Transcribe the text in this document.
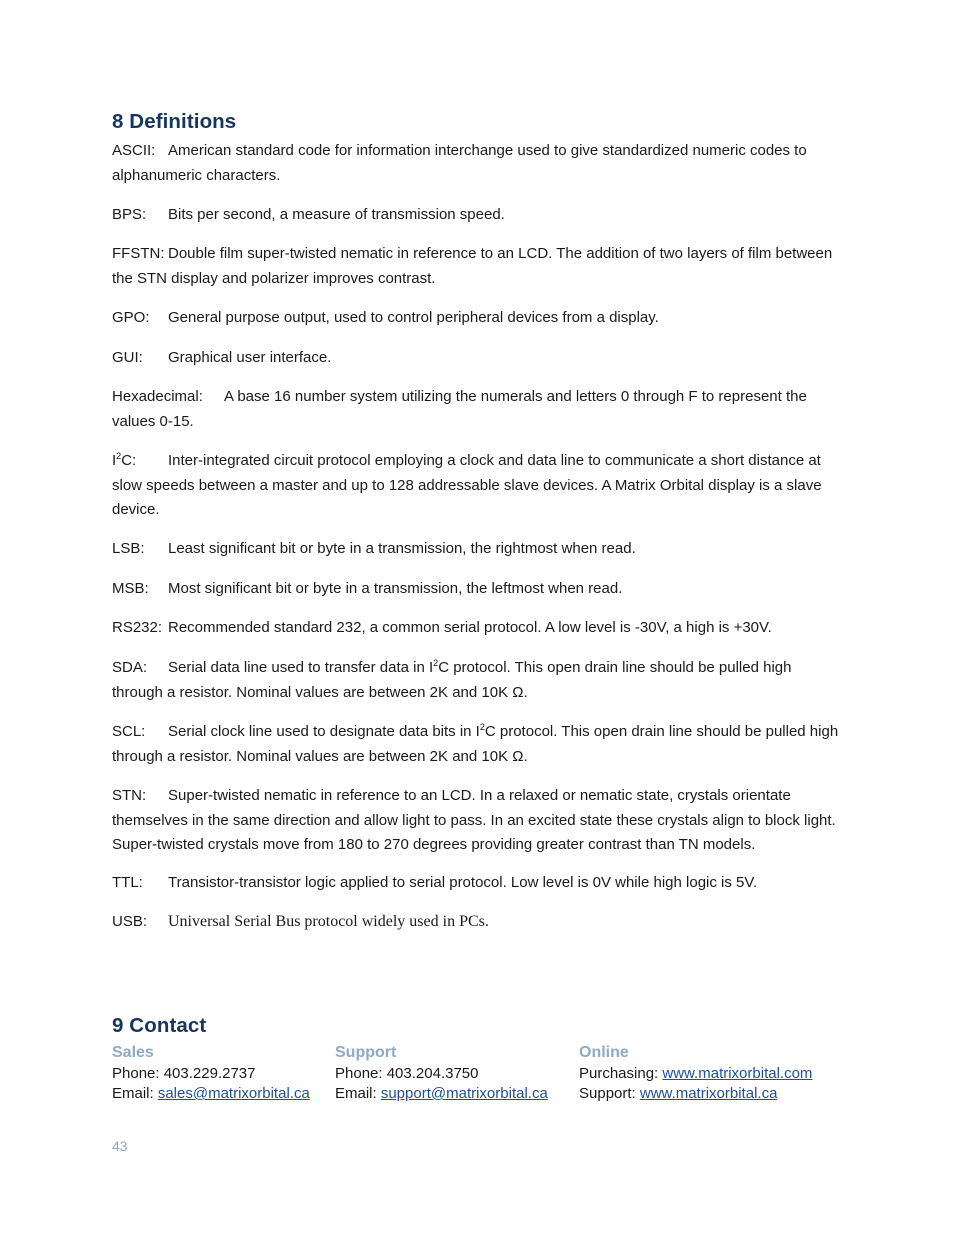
8 Definitions

ASCII: American standard code for information interchange used to give standardized numeric codes to alphanumeric characters.

BPS: Bits per second, a measure of transmission speed.

FFSTN: Double film super-twisted nematic in reference to an LCD. The addition of two layers of film between the STN display and polarizer improves contrast.

GPO: General purpose output, used to control peripheral devices from a display.

GUI: Graphical user interface.

Hexadecimal: A base 16 number system utilizing the numerals and letters 0 through F to represent the values 0-15.

$I^2C$: Inter-integrated circuit protocol employing a clock and data line to communicate a short distance at slow speeds between a master and up to 128 addressable slave devices. A Matrix Orbital display is a slave device.

LSB: Least significant bit or byte in a transmission, the rightmost when read.

MSB: Most significant bit or byte in a transmission, the leftmost when read.

RS232: Recommended standard 232, a common serial protocol. A low level is -30V, a high is +30V.

SDA: Serial data line used to transfer data in $I^2C$ protocol. This open drain line should be pulled high through a resistor. Nominal values are between 2K and 10K Ω.

SCL: Serial clock line used to designate data bits in $I^2C$ protocol. This open drain line should be pulled high through a resistor. Nominal values are between 2K and 10K Ω.

STN: Super-twisted nematic in reference to an LCD. In a relaxed or nematic state, crystals orientate themselves in the same direction and allow light to pass. In an excited state these crystals align to block light. Super-twisted crystals move from 180 to 270 degrees providing greater contrast than TN models.

TTL: Transistor-transistor logic applied to serial protocol. Low level is 0V while high logic is 5V.

USB: Universal Serial Bus protocol widely used in PCs.

9 Contact
Sales
Phone: 403.229.2737
Email: sales@matrixorbital.ca
Support
Phone: 403.204.3750
Email: support@matrixorbital.ca
Online
Purchasing: www.matrixorbital.com
Support: www.matrixorbital.ca
43
